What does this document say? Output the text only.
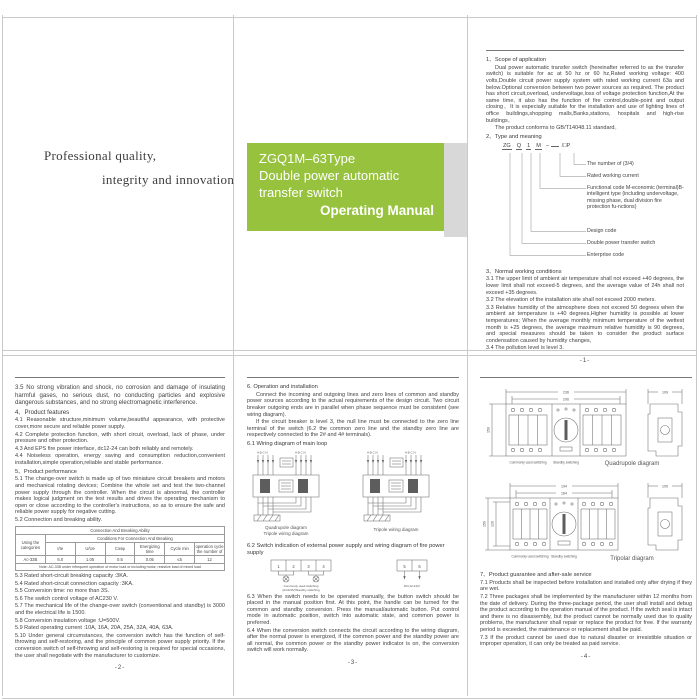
Professional quality,
integrity and innovation
ZGQ1M–63Type
Double power automatic
transfer switch
Operating Manual
1、Scope of application
Dual power automatic transfer switch (hereinafter referred to as the transfer switch) is suitable for ac at 50 hz or 60 hz,Rated working voltage: 400 volts,Double circuit power supply system with rated working current 63a and below.Optional conversion between two power sources as required. The product has short circuit,overload, undervoltage,loss of voltage protection function,At the same time, it also has the function of fire control,double-point and output closing。It is especially suitable for the installation and use of lighting lines of office buildings,shopping malls,Banks,stations, hospitals and high-rise buildings。
The product conforms to GB/T14048.11 standard。
2、Type and meaning
ZG Q 1 M – /□P
The number of (3/4)
Rated working current
Functional code M-economic (terminal)B-intelligent type (including undervoltage, missing phase, dual division fire protection fu-nctions)
Design code
Double power transfer switch
Enterprise code
3、Normal working conditions
3.1 The upper limit of ambient air temperature shall not exceed +40 degrees, the lower limit shall not exceed-5 degrees, and the average value of 24h shall not exceed +35 degrees.
3.2 The elevation of the installation site shall not exceed 2000 meters.
3.3 Relative humidity of the atmosphere does not exceed 50 degrees when the ambient air temperature is +40 degrees,Higher humidity is possible at lower temperatures; When the average monthly minimum temperature of the wettest month is +25 degrees, the average maximum relative humidity is 90 degrees, and special measures should be taken to consider the product surface condensation caused by humidity changes,
3.4 The pollution level is level 3.
-1-
3.5 No strong vibration and shock, no corrosion and damage of insulating harmful gases, no serious dust, no conducting particles and explosive dangerous substances, and no strong electromagnetic interference.
4、Product features
4.1 Reasonable structure,minimum volume,beautiful appearance, with protective cover,more secure and reliable power supply.
4.2 Complete protection function, with short circuit, overload, lack of phase, under pressure and other protection.
4.3 And EPS fire power interface, dc12-24 can both reliably and remotely.
4.4 Noiseless operation, energy saving and consumption reduction,convenient installation,simple operation,reliable and stable performance.
5、Product performance
5.1 The change-over switch is made up of two miniature circuit breakers and motors and mechanical rotating devices; Combine the whole set and test the two-channel power supply through the controller. When the circuit is abnormal, the controller makes logical judgment on the test results and drives the operating mechanism to open or close according to the controller's instructions, so as to ensure the safe and reliable power supply for negative cutting.
5.2 Connection and breaking ability.
Connection And Breaking Ability						
Using the categories	Conditions For Connection And Breaking					
	I/Ie	U/Ue	Cosφ	Energizing time	Cycle min	operation cycle the number of
Ac-33B	6.0	1.05	0.5	0.05	≤5	12
Note: AC-33B under infrequent operation of motor load or including motor, resistive load of mixed load						
5.3 Rated short-circuit breaking capacity :3KA.
5.4 Rated short-circuit connection capacity :3KA.
5.5 Conversion time: no more than 3S.
5.6 The switch control voltage of AC230 V.
5.7 The mechanical life of the change-over switch (conventional and standby) is 3000 and the electrical life is 1500.
5.8 Conversion insulation voltage :U=500V.
5.9 Rated operating current :10A, 16A, 20A, 25A, 32A, 40A, 63A.
5.10 Under general circumstances, the conversion switch has the function of self-throwing and self-restoring, and the principle of common power supply priority. If the conversion switch of self-throwing and self-restoring is required for special occasions, the user shall negotiate with the manufacturer to customize.
-2-
6. Operation and installation
Connect the incoming and outgoing lines and zero lines of common and standby power sources according to the actual requirements of the design circuit. Two circuit breaker outgoing ends are in parallel when phase sequence must be consistent (see wiring diagram).
If the circuit breaker is level 3, the null line must be connected to the zero line terminal of the switch (6.2 the common zero line and the standby zero line are respectively connected to the 2# and 4# terminals).
6.1 Wiring diagram of main loop
A B C N	A B C N	A B C N	A B C N
Quadrupole diagram
Tripole wiring diagram
Tripole wiring diagram
6.2 Switch indication of external power supply and wiring diagram of fire power supply
1	2	3	4
Commonly used switching
(AC220V)Standby switching
5	6
DC(12-24)V
6.3 When the switch needs to be operated manually, the button switch should be placed in the manual position first. At this point, the handle can be turned for the common and standby conversion. Press the manual/automatic button. Put control mode in automatic position, switch into automatic state, and common power is preferred.
6.4 When the conversion switch connects the circuit according to the wiring diagram, after the normal power is energized, if the common power and the standby power are all normal, the common power or the standby power indicator is on, the conversion switch will work normally.
-3-
236
206
150
Commonly used switching Standby switching
109
Quadrupole diagram
194
164
150 126
Commonly used switching Standby switching
109
Tripolar diagram
7、Product guarantee and after-sale service
7.1 Products shall be inspected before installation and installed only after drying if they are wet.
7.2 Three packages shall be implemented by the manufacturer within 12 months from the date of delivery. During the three-package period, the user shall install and debug the product according to the operation manual of the product. If the switch seal is intact and there is no disassembly, but the product cannot be normally used due to quality problems, the manufacturer shall repair or replace the product for free. If the warranty period is exceeded, the maintenance or replacement shall be paid.
7.3 If the product cannot be used due to natural disaster or irresistible situation or improper operation, it can only be treated as paid service.
-4-
